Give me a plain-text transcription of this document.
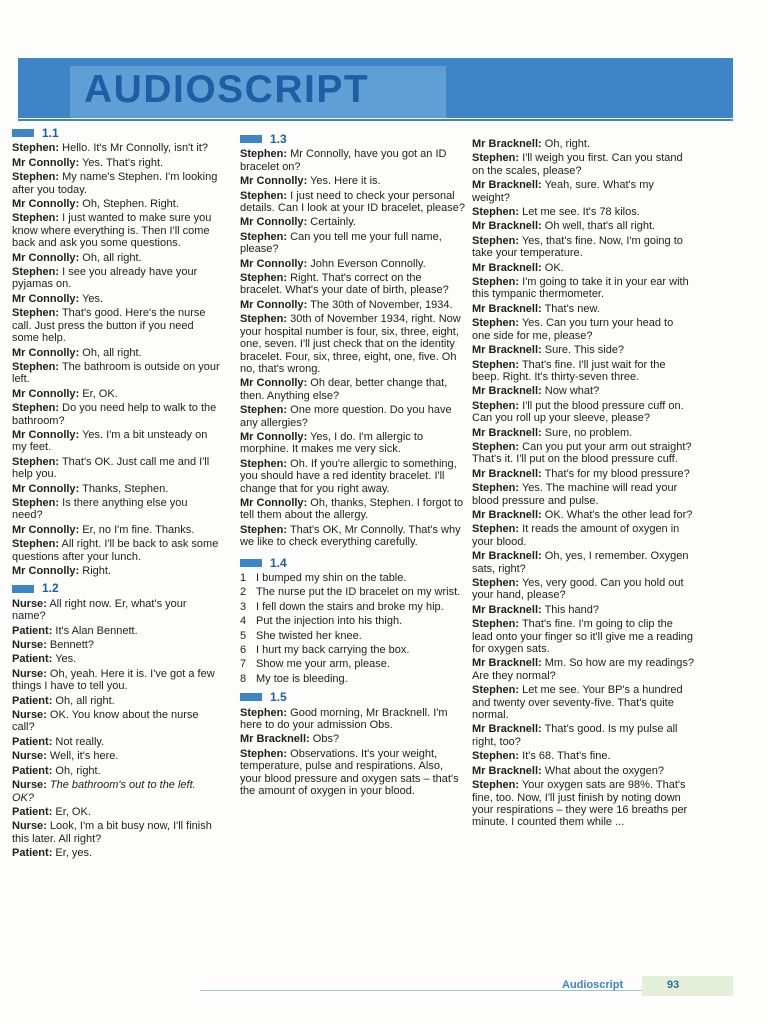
AUDIOSCRIPT
1.1
Stephen : Hello. It's Mr Connolly, isn't it?
Mr Connolly : Yes. That's right.
Stephen : My name's Stephen. I'm looking after you today.
Mr Connolly : Oh, Stephen. Right.
Stephen : I just wanted to make sure you know where everything is. Then I'll come back and ask you some questions.
Mr Connolly : Oh, all right.
Stephen : I see you already have your pyjamas on.
Mr Connolly : Yes.
Stephen : That's good. Here's the nurse call. Just press the button if you need some help.
Mr Connolly : Oh, all right.
Stephen : The bathroom is outside on your left.
Mr Connolly : Er, OK.
Stephen : Do you need help to walk to the bathroom?
Mr Connolly : Yes. I'm a bit unsteady on my feet.
Stephen : That's OK. Just call me and I'll help you.
Mr Connolly : Thanks, Stephen.
Stephen : Is there anything else you need?
Mr Connolly : Er, no I'm fine. Thanks.
Stephen : All right. I'll be back to ask some questions after your lunch.
Mr Connolly : Right.
1.2
Nurse : All right now. Er, what's your name?
Patient : It's Alan Bennett.
Nurse : Bennett?
Patient : Yes.
Nurse : Oh, yeah. Here it is. I've got a few things I have to tell you.
Patient : Oh, all right.
Nurse : OK. You know about the nurse call?
Patient : Not really.
Nurse : Well, it's here.
Patient : Oh, right.
Nurse : The bathroom's out to the left. OK?
Patient : Er, OK.
Nurse : Look, I'm a bit busy now, I'll finish this later. All right?
Patient : Er, yes.
1.3
Stephen : Mr Connolly, have you got an ID bracelet on?
Mr Connolly : Yes. Here it is.
Stephen : I just need to check your personal details. Can I look at your ID bracelet, please?
Mr Connolly : Certainly.
Stephen : Can you tell me your full name, please?
Mr Connolly : John Everson Connolly.
Stephen : Right. That's correct on the bracelet. What's your date of birth, please?
Mr Connolly : The 30th of November, 1934.
Stephen : 30th of November 1934, right. Now your hospital number is four, six, three, eight, one, seven. I'll just check that on the identity bracelet. Four, six, three, eight, one, five. Oh no, that's wrong.
Mr Connolly : Oh dear, better change that, then. Anything else?
Stephen : One more question. Do you have any allergies?
Mr Connolly : Yes, I do. I'm allergic to morphine. It makes me very sick.
Stephen : Oh. If you're allergic to something, you should have a red identity bracelet. I'll change that for you right away.
Mr Connolly : Oh, thanks, Stephen. I forgot to tell them about the allergy.
Stephen : That's OK, Mr Connolly. That's why we like to check everything carefully.
1.4
1 I bumped my shin on the table.
2 The nurse put the ID bracelet on my wrist.
3 I fell down the stairs and broke my hip.
4 Put the injection into his thigh.
5 She twisted her knee.
6 I hurt my back carrying the box.
7 Show me your arm, please.
8 My toe is bleeding.
1.5
Stephen : Good morning, Mr Bracknell. I'm here to do your admission Obs.
Mr Bracknell : Obs?
Stephen : Observations. It's your weight, temperature, pulse and respirations. Also, your blood pressure and oxygen sats – that's the amount of oxygen in your blood.
Mr Bracknell : Oh, right.
Stephen : I'll weigh you first. Can you stand on the scales, please?
Mr Bracknell : Yeah, sure. What's my weight?
Stephen : Let me see. It's 78 kilos.
Mr Bracknell : Oh well, that's all right.
Stephen : Yes, that's fine. Now, I'm going to take your temperature.
Mr Bracknell : OK.
Stephen : I'm going to take it in your ear with this tympanic thermometer.
Mr Bracknell : That's new.
Stephen : Yes. Can you turn your head to one side for me, please?
Mr Bracknell : Sure. This side?
Stephen : That's fine. I'll just wait for the beep. Right. It's thirty-seven three.
Mr Bracknell : Now what?
Stephen : I'll put the blood pressure cuff on. Can you roll up your sleeve, please?
Mr Bracknell : Sure, no problem.
Stephen : Can you put your arm out straight? That's it. I'll put on the blood pressure cuff.
Mr Bracknell : That's for my blood pressure?
Stephen : Yes. The machine will read your blood pressure and pulse.
Mr Bracknell : OK. What's the other lead for?
Stephen : It reads the amount of oxygen in your blood.
Mr Bracknell : Oh, yes, I remember. Oxygen sats, right?
Stephen : Yes, very good. Can you hold out your hand, please?
Mr Bracknell : This hand?
Stephen : That's fine. I'm going to clip the lead onto your finger so it'll give me a reading for oxygen sats.
Mr Bracknell : Mm. So how are my readings? Are they normal?
Stephen : Let me see. Your BP's a hundred and twenty over seventy-five. That's quite normal.
Mr Bracknell : That's good. Is my pulse all right, too?
Stephen : It's 68. That's fine.
Mr Bracknell : What about the oxygen?
Stephen : Your oxygen sats are 98%. That's fine, too. Now, I'll just finish by noting down your respirations – they were 16 breaths per minute. I counted them while ...
Audioscript	93
